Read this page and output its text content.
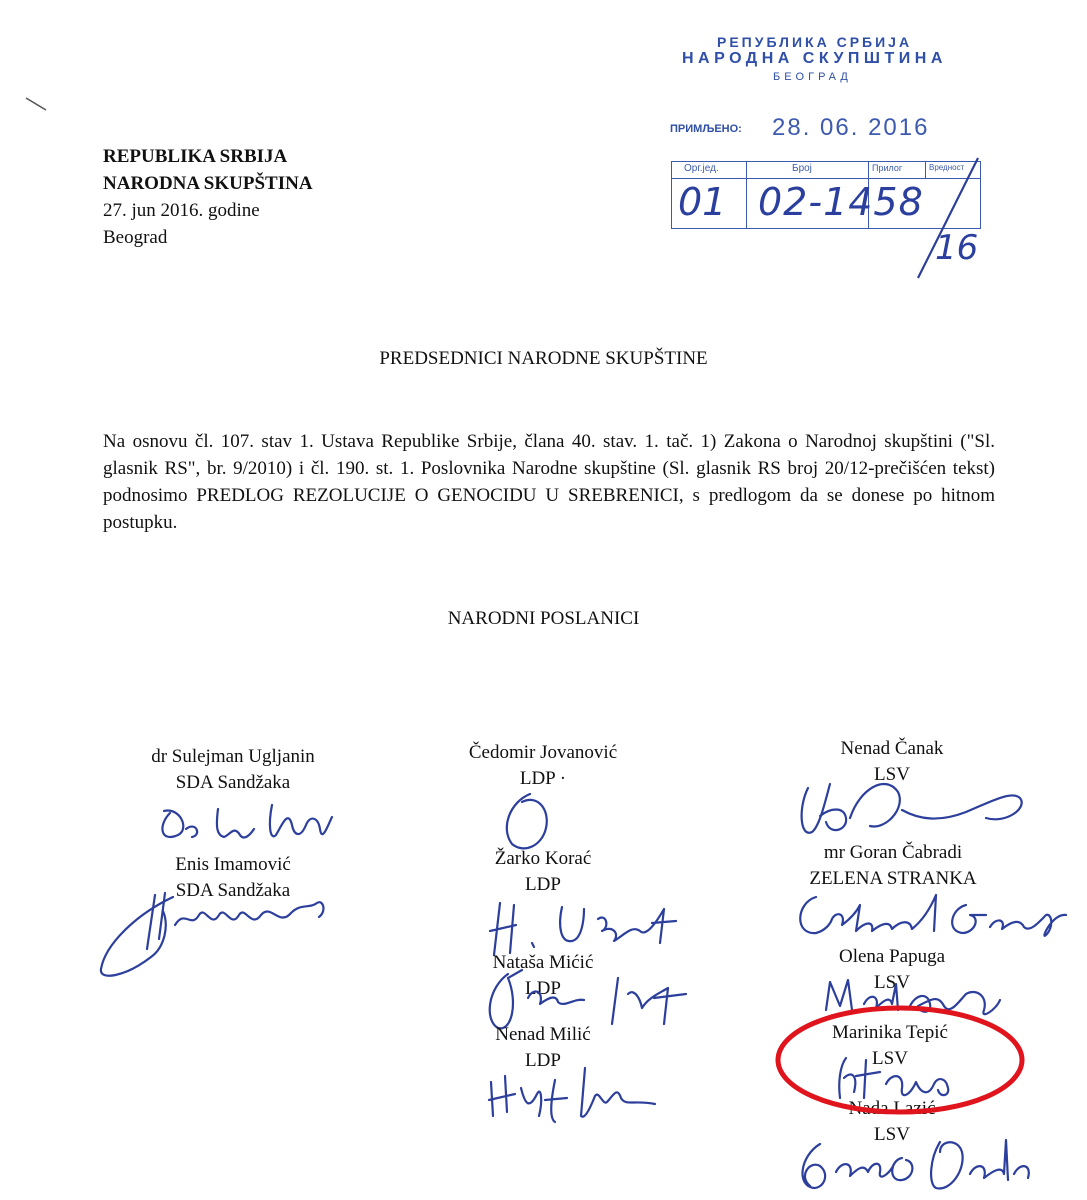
РЕПУБЛИКА СРБИЈА
НАРОДНА СКУПШТИНА
БЕОГРАД
ПРИМЉЕНО: 28. 06. 2016
Орг.јед.	Број	Прилог	Вредност
01 02-1458
16
REPUBLIKA SRBIJA
NARODNA SKUPŠTINA
27. jun 2016. godine
Beograd
PREDSEDNICI NARODNE SKUPŠTINE
Na osnovu čl. 107. stav 1. Ustava Republike Srbije, člana 40. stav. 1. tač. 1) Zakona o Narodnoj skupštini ("Sl. glasnik RS", br. 9/2010) i čl. 190. st. 1. Poslovnika Narodne skupštine (Sl. glasnik RS broj 20/12-prečišćen tekst) podnosimo PREDLOG REZOLUCIJE O GENOCIDU U SREBRENICI, s predlogom da se donese po hitnom postupku.
NARODNI POSLANICI
dr Sulejman Ugljanin
SDA Sandžaka
Enis Imamović
SDA Sandžaka
Čedomir Jovanović
LDP ·
Žarko Korać
LDP
Nataša Mićić
LDP
Nenad Milić
LDP
Nenad Čanak
LSV
mr Goran Čabradi
ZELENA STRANKA
Olena Papuga
LSV
Marinika Tepić
LSV
Nada Lazić
LSV
